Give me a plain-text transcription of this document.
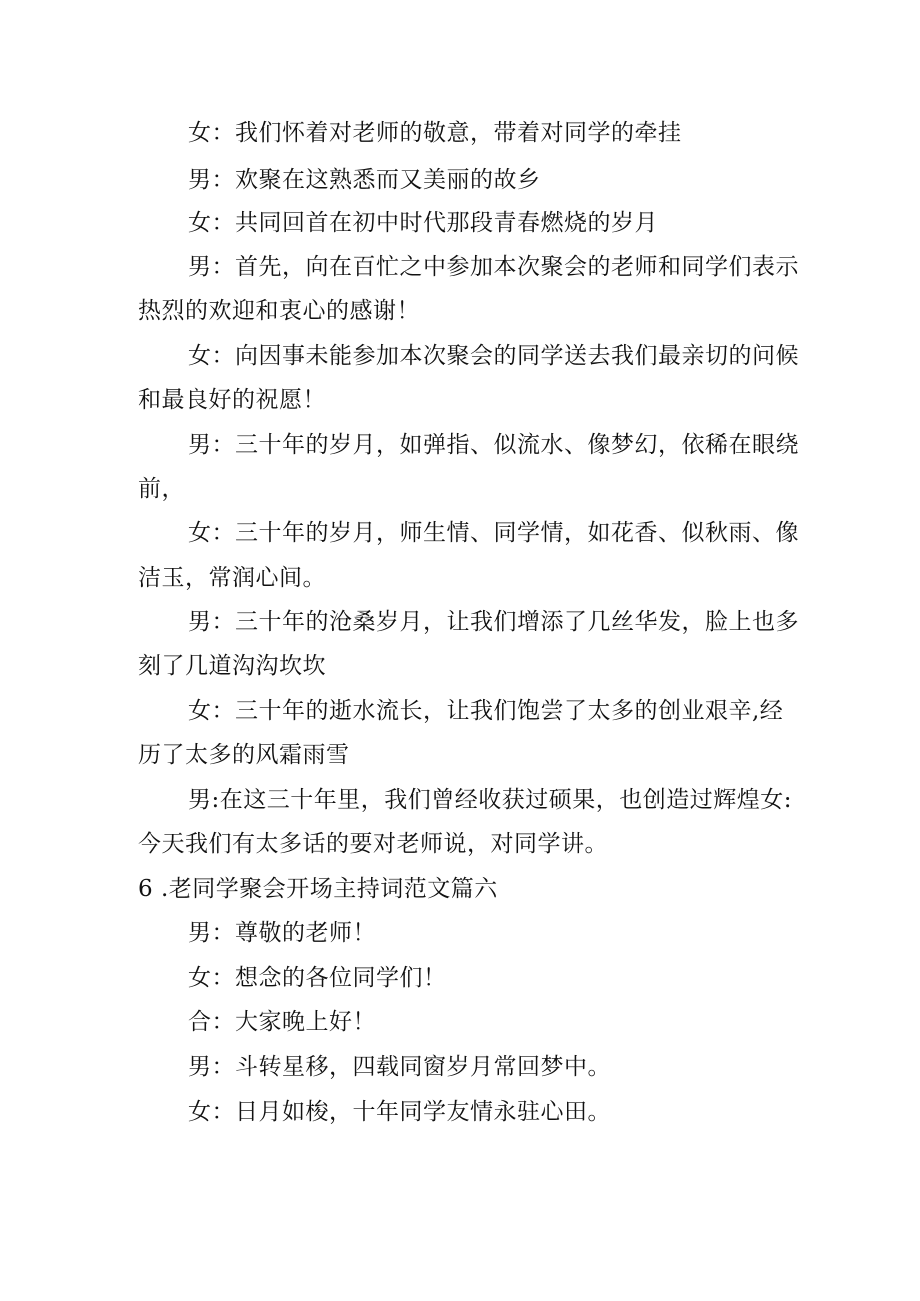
女：我们怀着对老师的敬意，带着对同学的牵挂
男：欢聚在这熟悉而又美丽的故乡
女：共同回首在初中时代那段青春燃烧的岁月
男：首先，向在百忙之中参加本次聚会的老师和同学们表示
热烈的欢迎和衷心的感谢！
女：向因事未能参加本次聚会的同学送去我们最亲切的问候
和最良好的祝愿！
男：三十年的岁月，如弹指、似流水、像梦幻，依稀在眼绕
前，
女：三十年的岁月，师生情、同学情，如花香、似秋雨、像
洁玉，常润心间。
男：三十年的沧桑岁月，让我们增添了几丝华发，脸上也多
刻了几道沟沟坎坎
女：三十年的逝水流长，让我们饱尝了太多的创业艰辛,经
历了太多的风霜雨雪
男:在这三十年里，我们曾经收获过硕果，也创造过辉煌女:
今天我们有太多话的要对老师说，对同学讲。
6 .老同学聚会开场主持词范文篇六
男：尊敬的老师！
女：想念的各位同学们！
合：大家晚上好！
男：斗转星移，四载同窗岁月常回梦中。
女：日月如梭，十年同学友情永驻心田。
